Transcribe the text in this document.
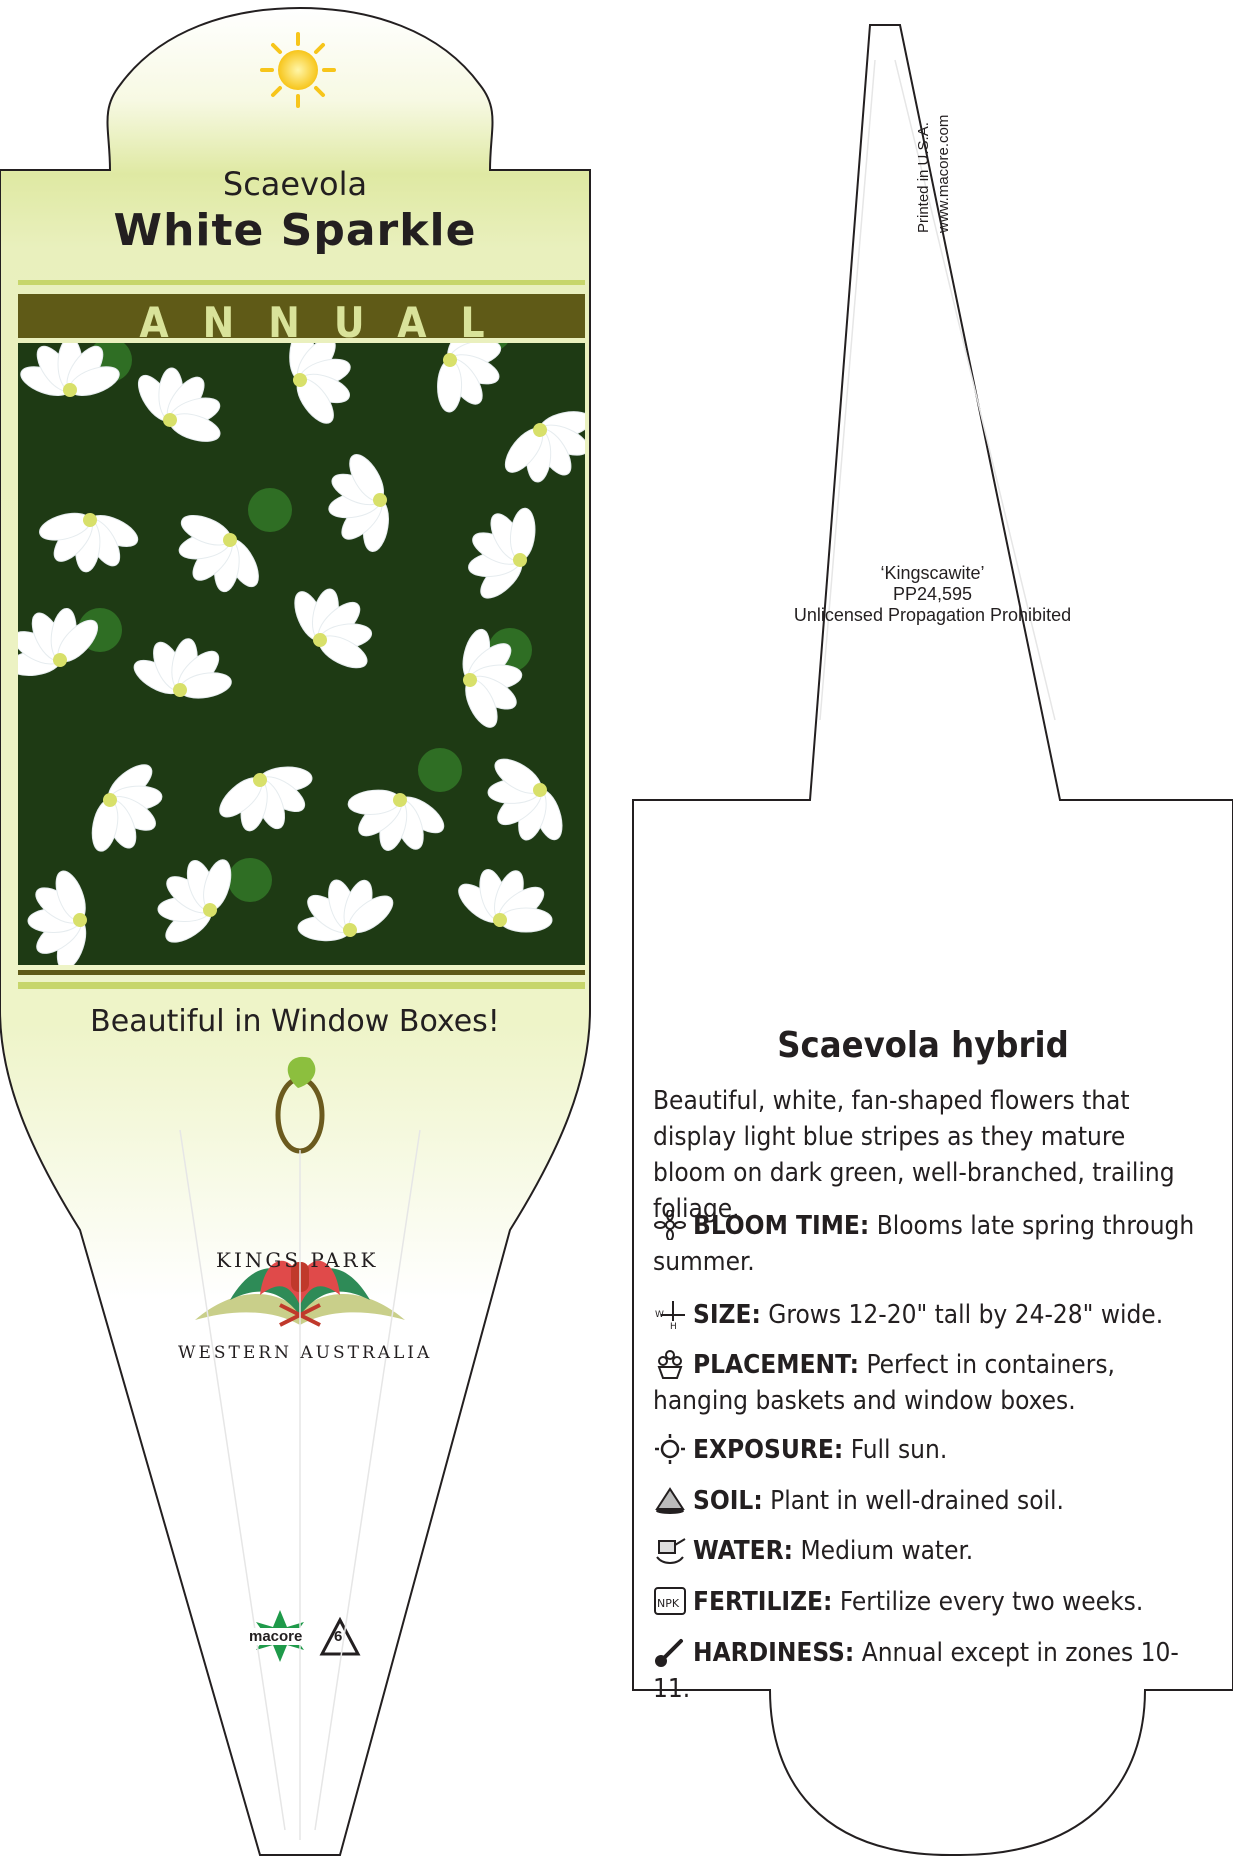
Scaevola
White Sparkle
ANNUAL
Beautiful in Window Boxes!
KINGS PARK
WESTERN AUSTRALIA
macore 6
Printed in U.S.A. www.macore.com
‘Kingscawite’
PP24,595
Unlicensed Propagation Prohibited
Scaevola hybrid
Beautiful, white, fan-shaped flowers that display light blue stripes as they mature bloom on dark green, well-branched, trailing foliage.
BLOOM TIME: Blooms late spring through summer.
W
H SIZE: Grows 12-20" tall by 24-28" wide.
PLACEMENT: Perfect in containers, hanging baskets and window boxes.
EXPOSURE: Full sun.
SOIL: Plant in well-drained soil.
WATER: Medium water.
NPK FERTILIZE: Fertilize every two weeks.
HARDINESS: Annual except in zones 10-11.
